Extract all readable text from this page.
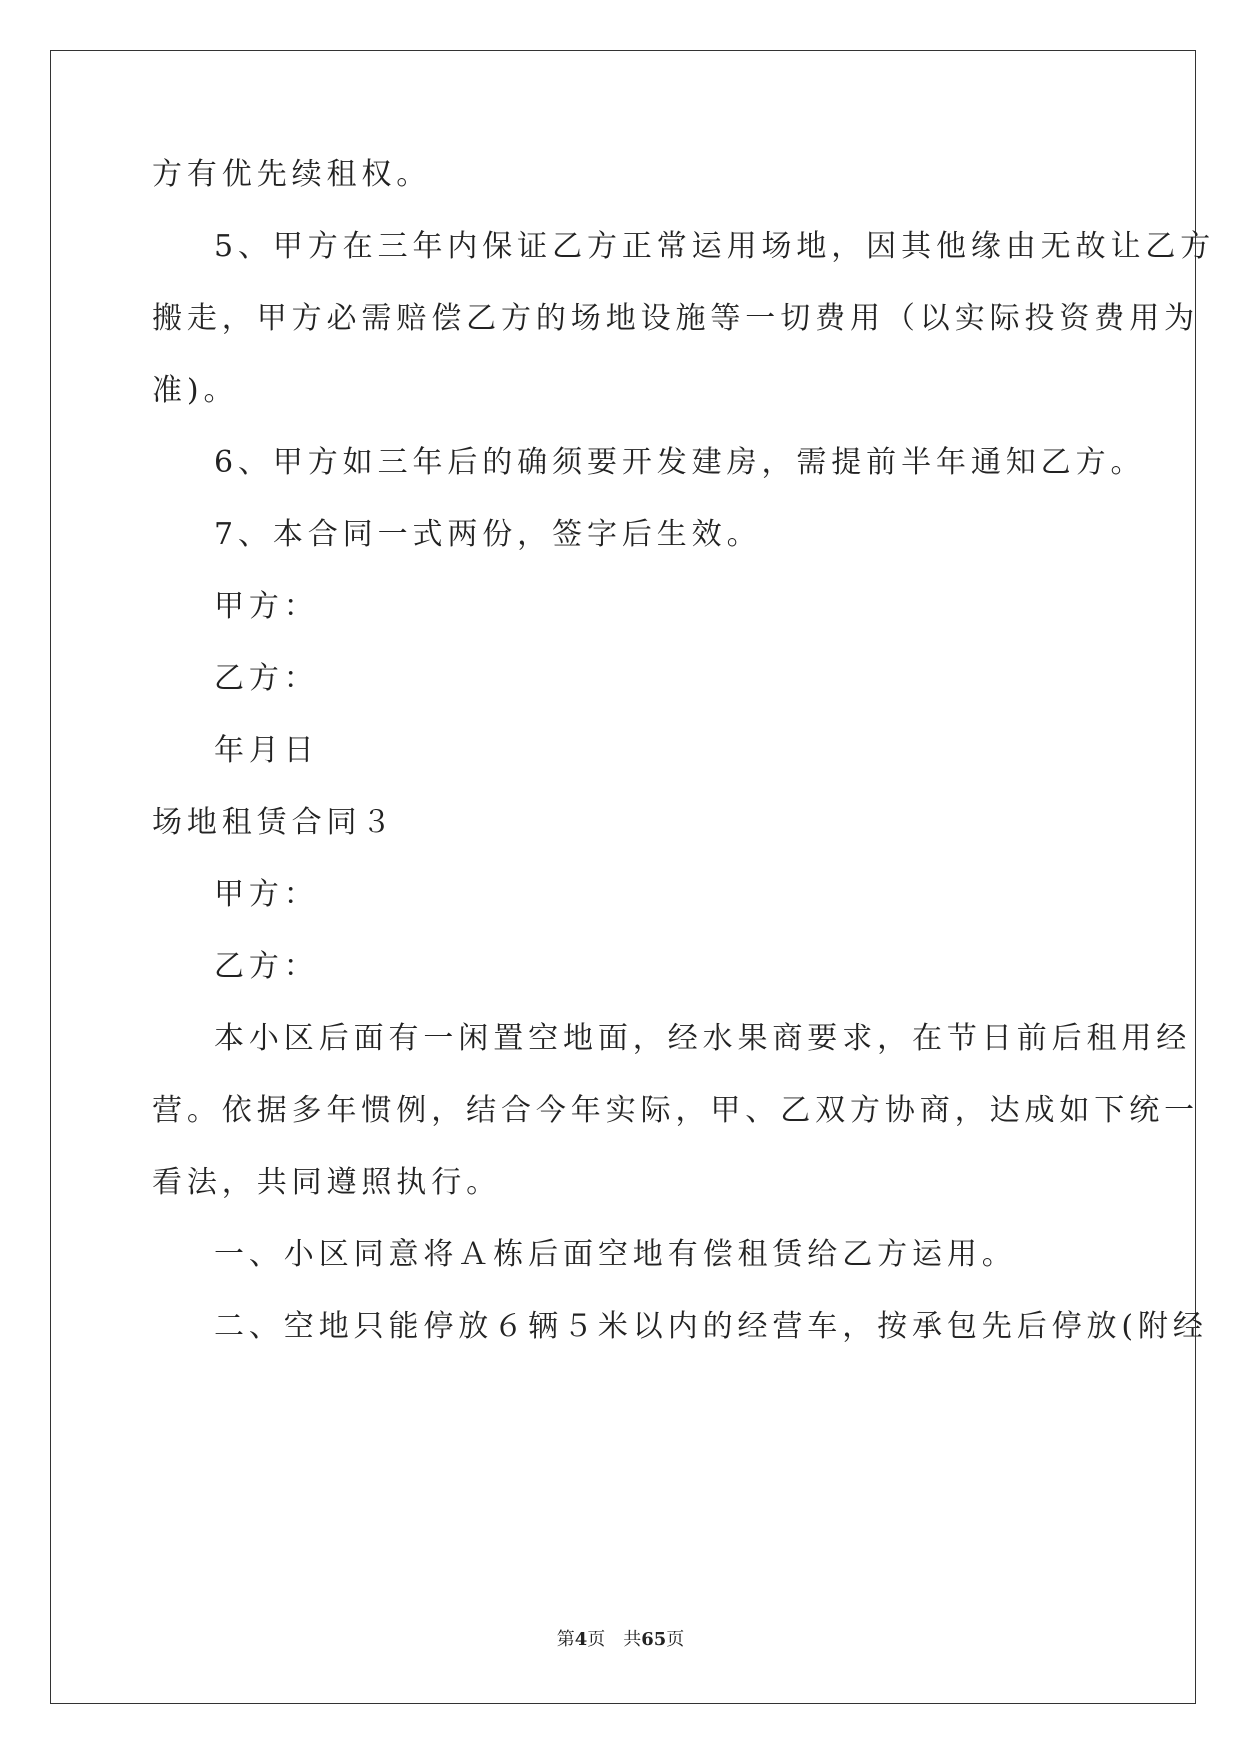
方有优先续租权。
5、甲方在三年内保证乙方正常运用场地，因其他缘由无故让乙方
搬走，甲方必需赔偿乙方的场地设施等一切费用（以实际投资费用为
准)。
6、甲方如三年后的确须要开发建房，需提前半年通知乙方。
7、本合同一式两份，签字后生效。
甲方：
乙方：
年月日
场地租赁合同３
甲方：
乙方：
本小区后面有一闲置空地面，经水果商要求，在节日前后租用经
营。依据多年惯例，结合今年实际，甲、乙双方协商，达成如下统一
看法，共同遵照执行。
一、小区同意将Ａ栋后面空地有偿租赁给乙方运用。
二、空地只能停放６辆５米以内的经营车，按承包先后停放(附经
第4页　共65页
